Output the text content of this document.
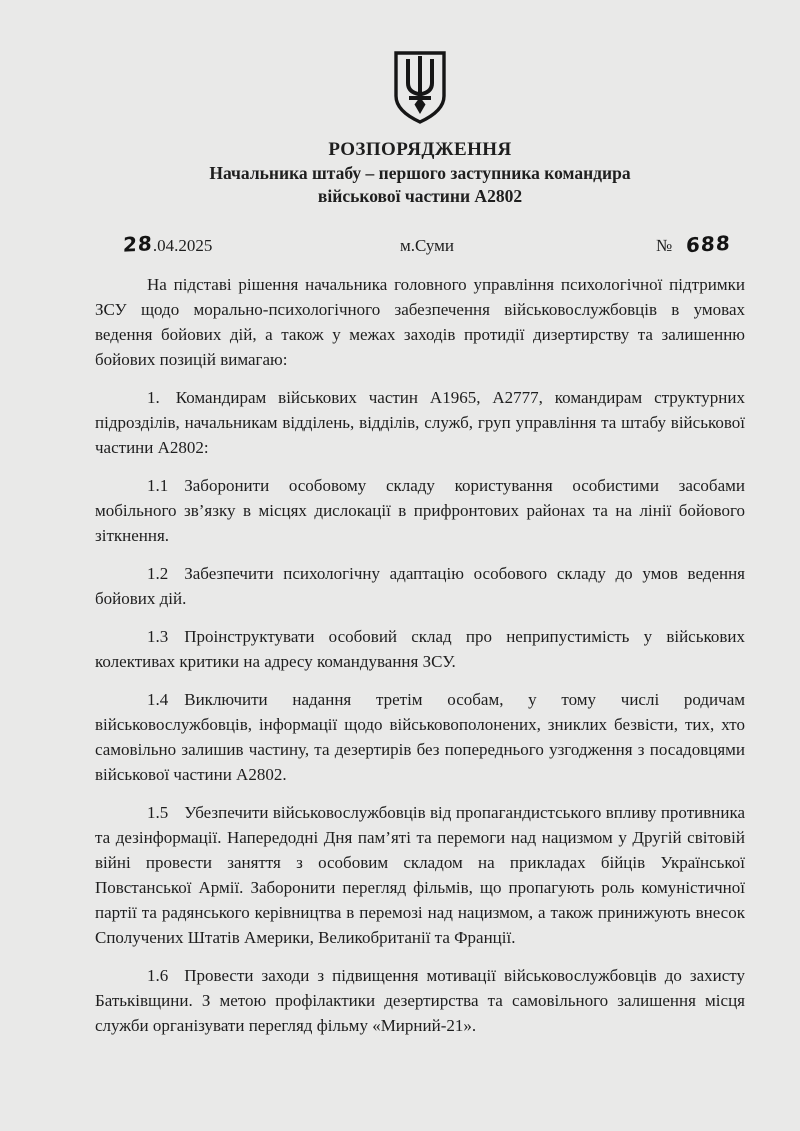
РОЗПОРЯДЖЕННЯ
Начальника штабу – першого заступника командира
військової частини А2802
28.04.2025	м.Суми	№ 688

На підставі рішення начальника головного управління психологічної підтримки ЗСУ щодо морально-психологічного забезпечення військовослужбовців в умовах ведення бойових дій, а також у межах заходів протидії дизертирству та залишенню бойових позицій вимагаю:

1. Командирам військових частин А1965, А2777, командирам структурних підрозділів, начальникам відділень, відділів, служб, груп управління та штабу військової частини А2802:

1.1 Заборонити особовому складу користування особистими засобами мобільного зв’язку в місцях дислокації в прифронтових районах та на лінії бойового зіткнення.

1.2 Забезпечити психологічну адаптацію особового складу до умов ведення бойових дій.

1.3 Проінструктувати особовий склад про неприпустимість у військових колективах критики на адресу командування ЗСУ.

1.4 Виключити надання третім особам, у тому числі родичам військовослужбовців, інформації щодо військовополонених, зниклих безвісти, тих, хто самовільно залишив частину, та дезертирів без попереднього узгодження з посадовцями військової частини А2802.

1.5 Убезпечити військовослужбовців від пропагандистського впливу противника та дезінформації. Напередодні Дня пам’яті та перемоги над нацизмом у Другій світовій війні провести заняття з особовим складом на прикладах бійців Української Повстанської Армії. Заборонити перегляд фільмів, що пропагують роль комуністичної партії та радянського керівництва в перемозі над нацизмом, а також принижують внесок Сполучених Штатів Америки, Великобританії та Франції.

1.6 Провести заходи з підвищення мотивації військовослужбовців до захисту Батьківщини. З метою профілактики дезертирства та самовільного залишення місця служби організувати перегляд фільму «Мирний-21».
